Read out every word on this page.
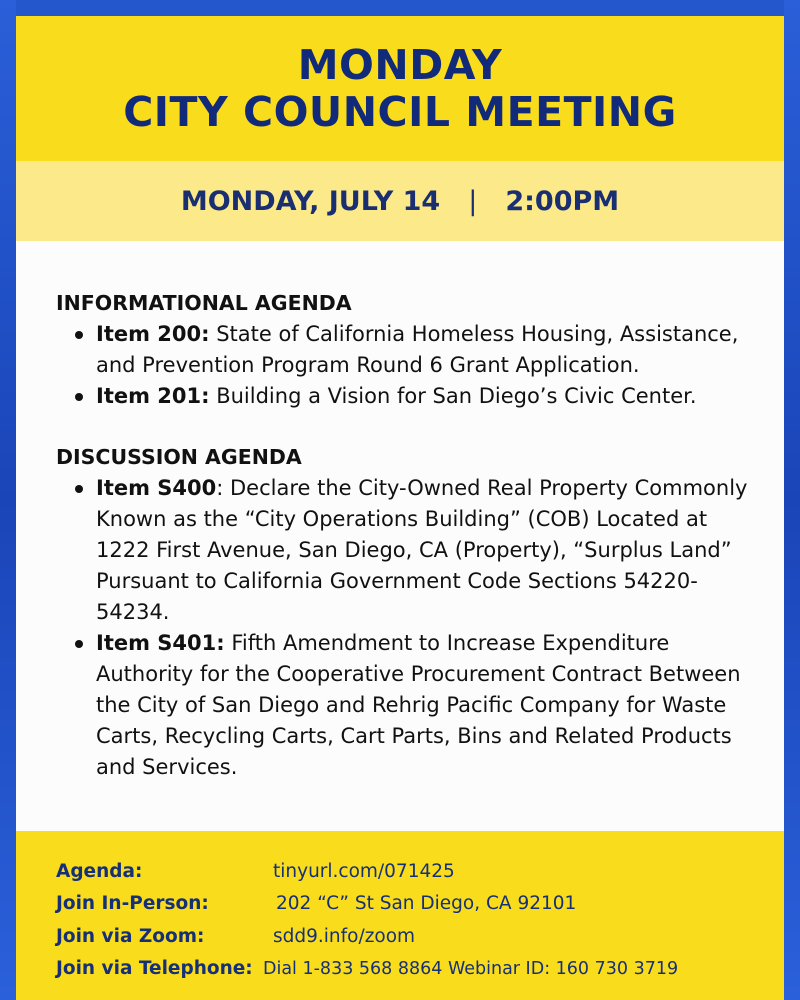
MONDAY
CITY COUNCIL MEETING
MONDAY, JULY 14 | 2:00PM
INFORMATIONAL AGENDA
Item 200: State of California Homeless Housing, Assistance, and Prevention Program Round 6 Grant Application.
Item 201: Building a Vision for San Diego’s Civic Center.
DISCUSSION AGENDA
Item S400: Declare the City-Owned Real Property Commonly Known as the “City Operations Building” (COB) Located at 1222 First Avenue, San Diego, CA (Property), “Surplus Land” Pursuant to California Government Code Sections 54220-54234.
Item S401: Fifth Amendment to Increase Expenditure Authority for the Cooperative Procurement Contract Between the City of San Diego and Rehrig Pacific Company for Waste Carts, Recycling Carts, Cart Parts, Bins and Related Products and Services.
Agenda:	tinyurl.com/071425
Join In-Person:	202 “C” St San Diego, CA 92101
Join via Zoom:	sdd9.info/zoom
Join via Telephone: Dial 1-833 568 8864 Webinar ID: 160 730 3719
